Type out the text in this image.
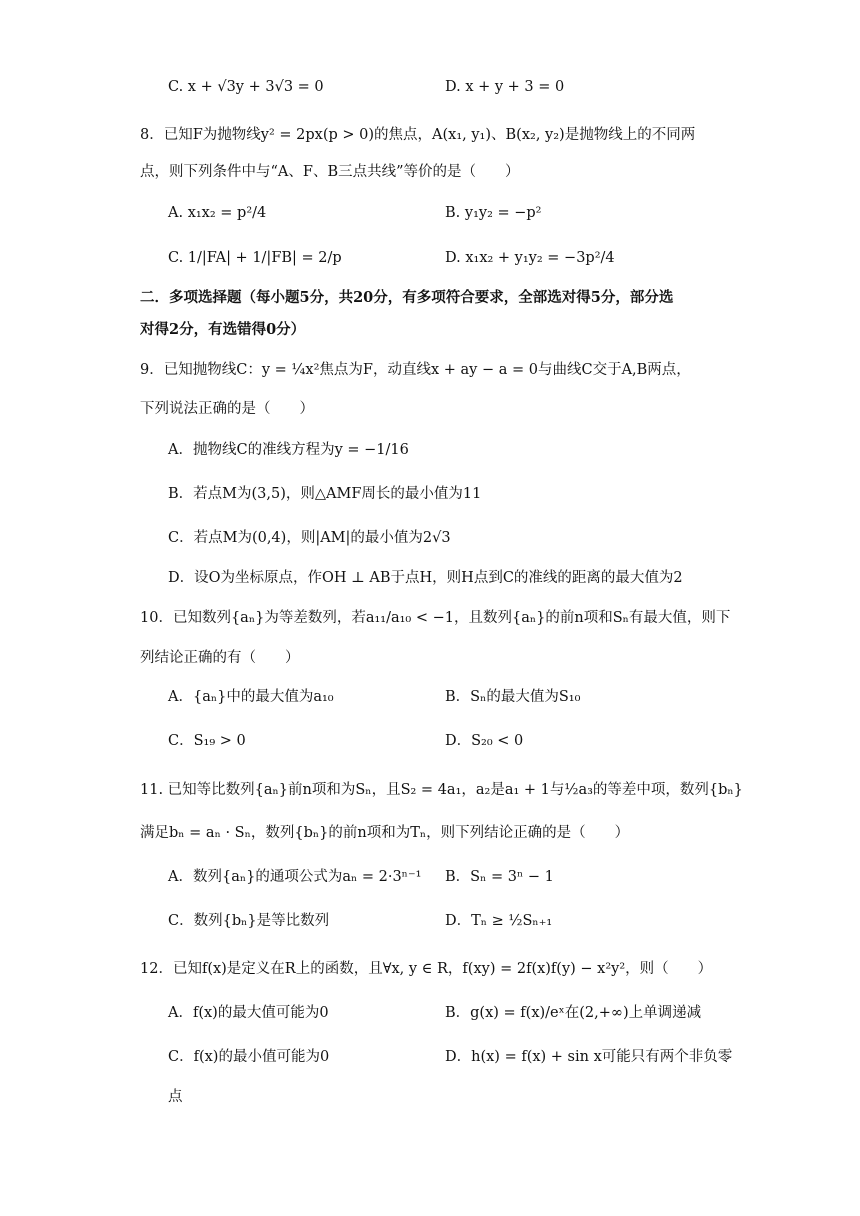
C. x + √3y + 3√3 = 0	D. x + y + 3 = 0
8．已知F为抛物线y² = 2px(p > 0)的焦点，A(x₁, y₁)、B(x₂, y₂)是抛物线上的不同两
点，则下列条件中与“A、F、B三点共线”等价的是（　　）
A. x₁x₂ = p²/4	B. y₁y₂ = −p²
C. 1/|FA| + 1/|FB| = 2/p	D. x₁x₂ + y₁y₂ = −3p²/4
二．多项选择题（每小题5分，共20分，有多项符合要求，全部选对得5分，部分选
对得2分，有选错得0分）
9．已知抛物线C：y = ¼x²焦点为F，动直线x + ay − a = 0与曲线C交于A,B两点，
下列说法正确的是（　　）
A．抛物线C的准线方程为y = −1/16
B．若点M为(3,5)，则△AMF周长的最小值为11
C．若点M为(0,4)，则|AM|的最小值为2√3
D．设O为坐标原点，作OH ⊥ AB于点H，则H点到C的准线的距离的最大值为2
10．已知数列{aₙ}为等差数列，若a₁₁/a₁₀ < −1，且数列{aₙ}的前n项和Sₙ有最大值，则下
列结论正确的有（　　）
A．{aₙ}中的最大值为a₁₀	B．Sₙ的最大值为S₁₀
C．S₁₉ > 0	D．S₂₀ < 0
11. 已知等比数列{aₙ}前n项和为Sₙ，且S₂ = 4a₁，a₂是a₁ + 1与½a₃的等差中项，数列{bₙ}
满足bₙ = aₙ · Sₙ，数列{bₙ}的前n项和为Tₙ，则下列结论正确的是（　　）
A．数列{aₙ}的通项公式为aₙ = 2·3ⁿ⁻¹ B．Sₙ = 3ⁿ − 1
C．数列{bₙ}是等比数列	D．Tₙ ≥ ½Sₙ₊₁
12．已知f(x)是定义在R上的函数，且∀x, y ∈ R，f(xy) = 2f(x)f(y) − x²y²，则（　　）
A．f(x)的最大值可能为0	B．g(x) = f(x)/eˣ在(2,+∞)上单调递减
C．f(x)的最小值可能为0	D．h(x) = f(x) + sin x可能只有两个非负零
点
